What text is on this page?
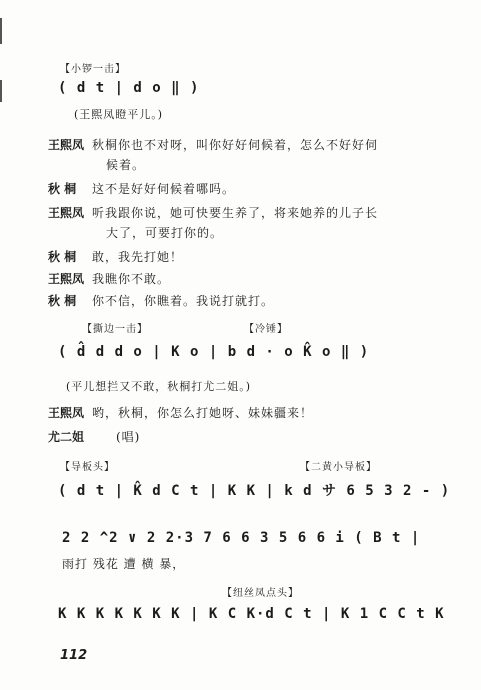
【小锣一击】
( d t | d o ‖ )
(王熙凤瞪平儿。)
王熙凤 秋桐你也不对呀，叫你好好伺候着，怎么不好好伺
候着。
秋 桐 这不是好好伺候着哪吗。
王熙凤 听我跟你说，她可快要生养了，将来她养的儿子长
大了，可要打你的。
秋 桐 敢，我先打她！
王熙凤 我瞧你不敢。
秋 桐 你不信，你瞧着。我说打就打。
【撕边一击】	【冷锤】
( d̂ d d o | K o | b d · o K̂ o ‖ )
(平儿想拦又不敢，秋桐打尤二姐。)
王熙凤 哟，秋桐，你怎么打她呀、妹妹疆来！
尤二姐	(唱)
【导板头】	【二黄小导板】
( d t | K̂ d C t | K K | k d サ 6 5 3 2 - )
2 2 ^2 ∨ 2 2·3 7 6 6 3 5 6 6 i ( B t |
雨打 残花 遭 横 暴，
【纽丝凤点头】
K K K K K K K | K C K·d C t | K 1 C C t K
112
